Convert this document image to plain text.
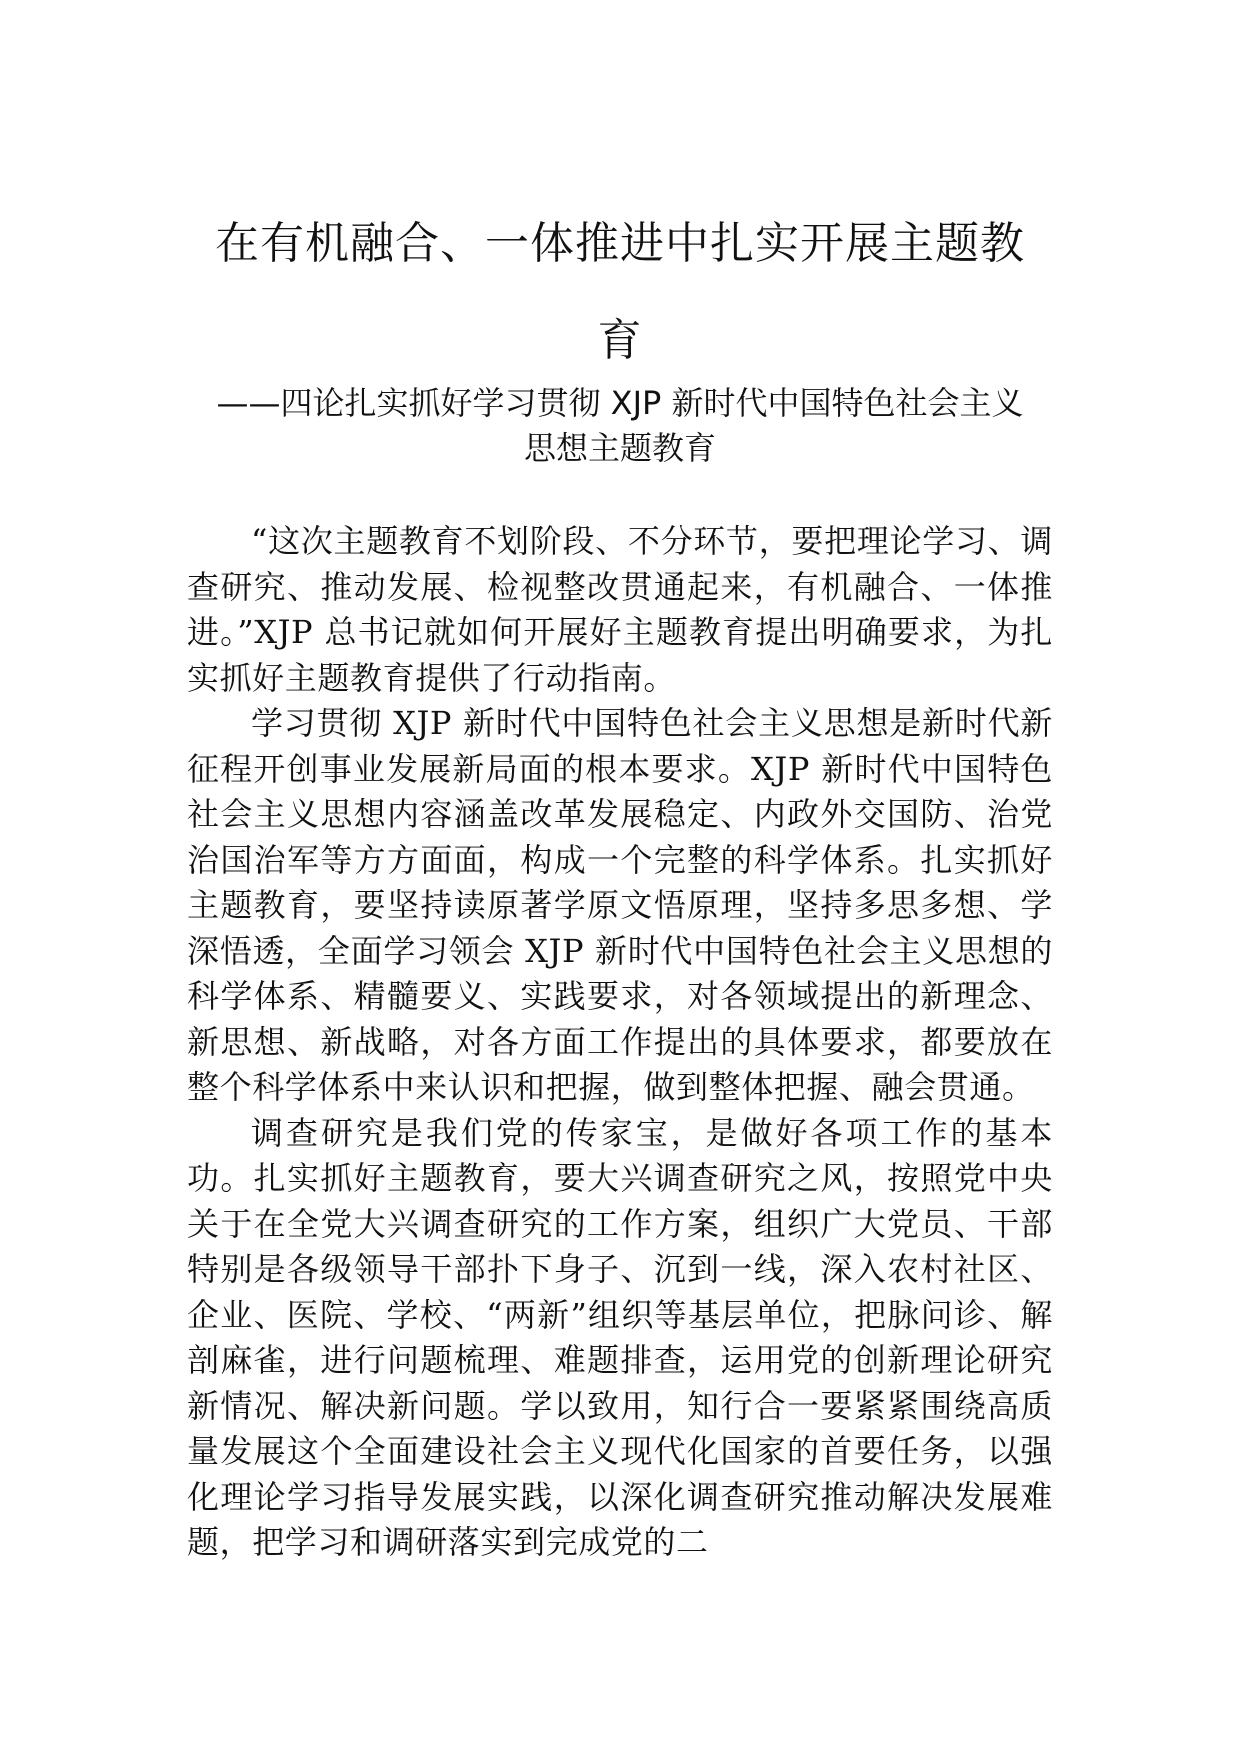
在有机融合、一体推进中扎实开展主题教
育
——四论扎实抓好学习贯彻 XJP 新时代中国特色社会主义
思想主题教育

“这次主题教育不划阶段、不分环节，要把理论学习、调查研究、推动发展、检视整改贯通起来，有机融合、一体推进。”XJP 总书记就如何开展好主题教育提出明确要求，为扎实抓好主题教育提供了行动指南。

学习贯彻 XJP 新时代中国特色社会主义思想是新时代新征程开创事业发展新局面的根本要求。XJP 新时代中国特色社会主义思想内容涵盖改革发展稳定、内政外交国防、治党治国治军等方方面面，构成一个完整的科学体系。扎实抓好主题教育，要坚持读原著学原文悟原理，坚持多思多想、学深悟透，全面学习领会 XJP 新时代中国特色社会主义思想的科学体系、精髓要义、实践要求，对各领域提出的新理念、新思想、新战略，对各方面工作提出的具体要求，都要放在整个科学体系中来认识和把握，做到整体把握、融会贯通。

调查研究是我们党的传家宝，是做好各项工作的基本功。扎实抓好主题教育，要大兴调查研究之风，按照党中央关于在全党大兴调查研究的工作方案，组织广大党员、干部特别是各级领导干部扑下身子、沉到一线，深入农村社区、企业、医院、学校、“两新”组织等基层单位，把脉问诊、解剖麻雀，进行问题梳理、难题排查，运用党的创新理论研究新情况、解决新问题。学以致用，知行合一要紧紧围绕高质量发展这个全面建设社会主义现代化国家的首要任务，以强化理论学习指导发展实践，以深化调查研究推动解决发展难题，把学习和调研落实到完成党的二
